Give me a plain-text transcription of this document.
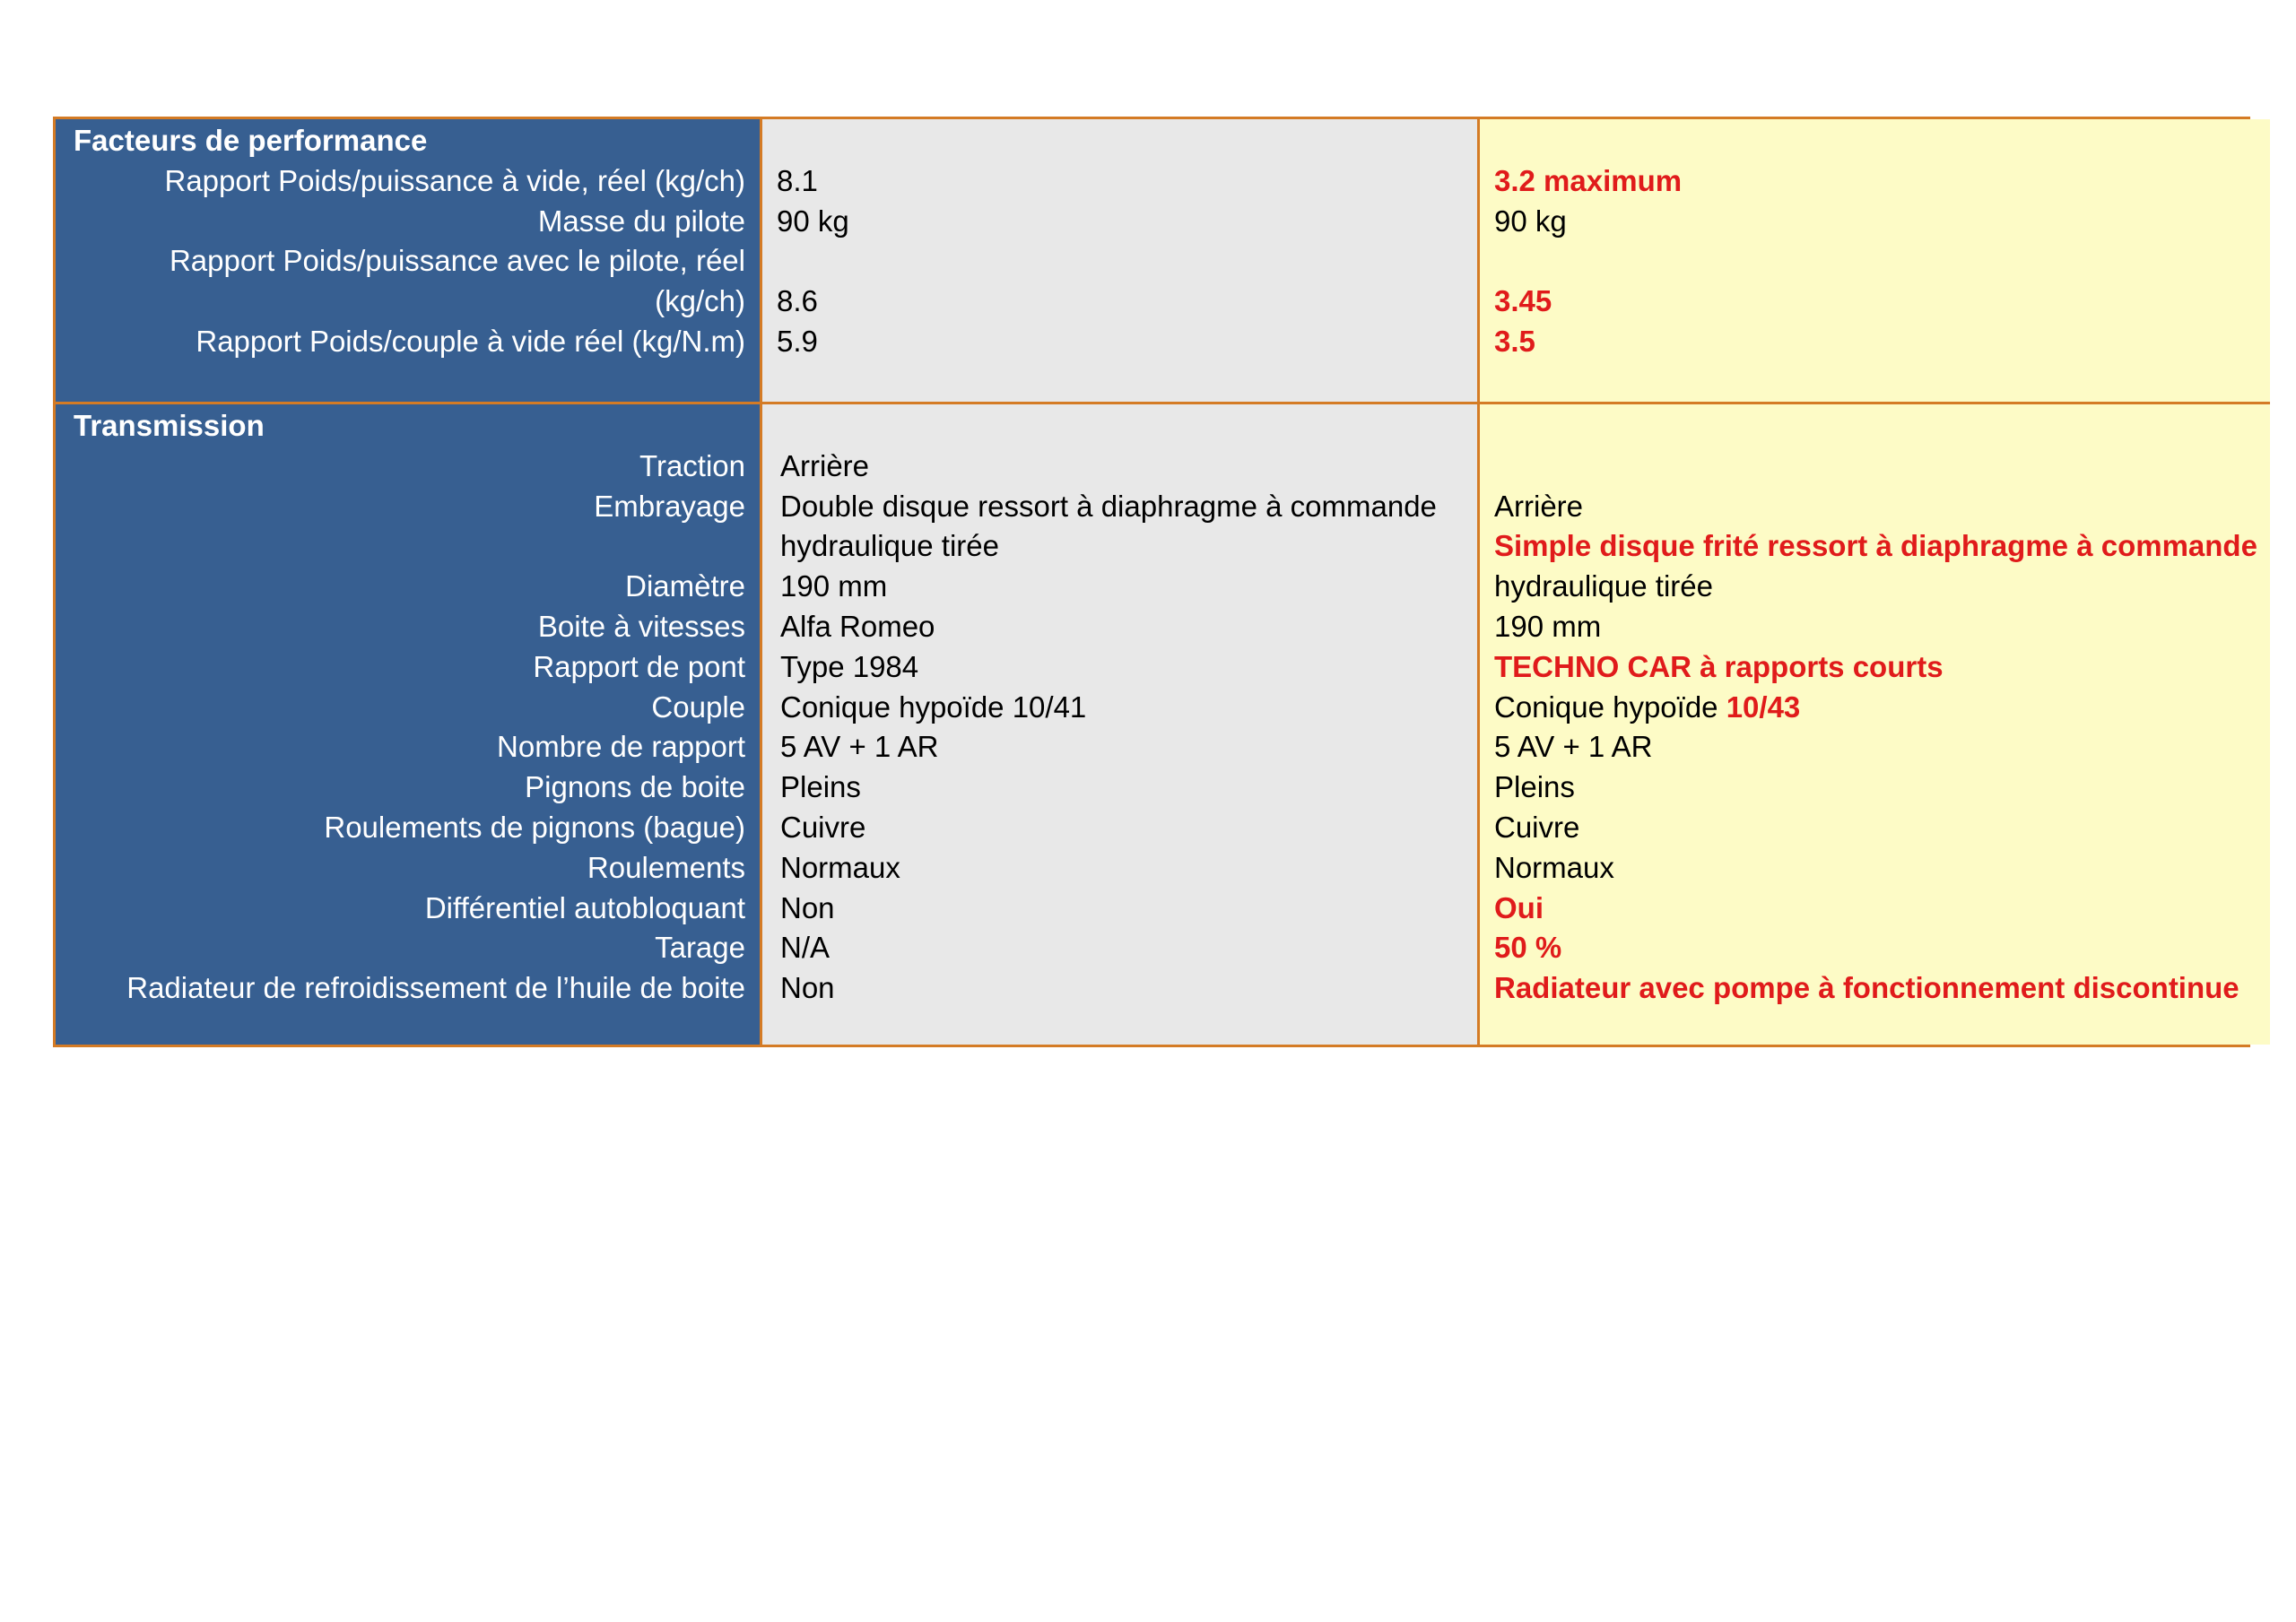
Facteurs de performance
Rapport Poids/puissance à vide, réel (kg/ch)
Masse du pilote
Rapport Poids/puissance avec le pilote, réel
(kg/ch)
Rapport Poids/couple à vide réel (kg/N.m)
8.1
90 kg
8.6
5.9
3.2 maximum
90 kg
3.45
3.5
Transmission
Traction
Embrayage
Diamètre
Boite à vitesses
Rapport de pont
Couple
Nombre de rapport
Pignons de boite
Roulements de pignons (bague)
Roulements
Différentiel autobloquant
Tarage
Radiateur de refroidissement de l’huile de boite
Arrière
Double disque ressort à diaphragme à commande
hydraulique tirée
190 mm
Alfa Romeo
Type 1984
Conique hypoïde 10/41
5 AV + 1 AR
Pleins
Cuivre
Normaux
Non
N/A
Non
Arrière
Simple disque frité ressort à diaphragme à commande
hydraulique tirée
190 mm
TECHNO CAR à rapports courts
Conique hypoïde 10/43
5 AV + 1 AR
Pleins
Cuivre
Normaux
Oui
50 %
Radiateur avec pompe à fonctionnement discontinue
